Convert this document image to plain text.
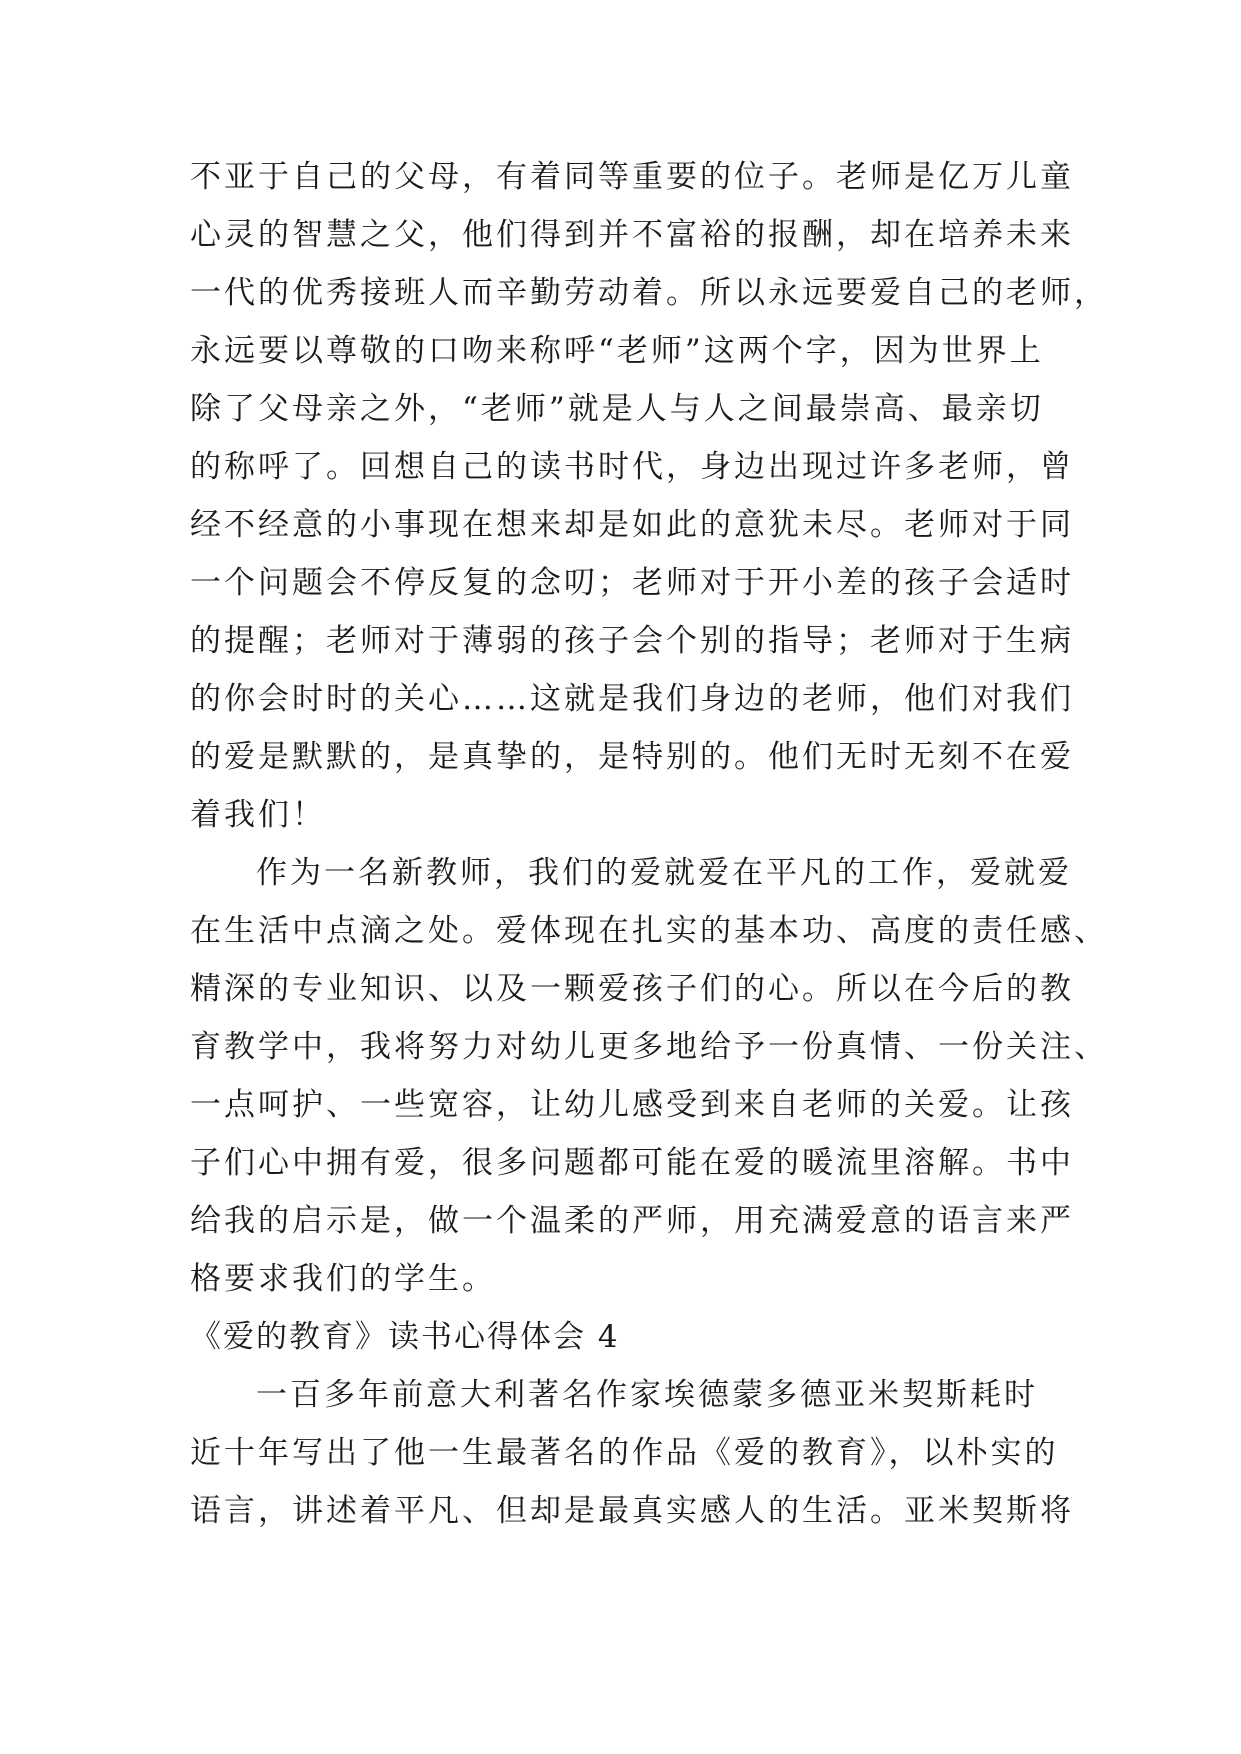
不亚于自己的父母，有着同等重要的位子。老师是亿万儿童
心灵的智慧之父，他们得到并不富裕的报酬，却在培养未来
一代的优秀接班人而辛勤劳动着。所以永远要爱自己的老师，
永远要以尊敬的口吻来称呼“老师”这两个字，因为世界上
除了父母亲之外，“老师”就是人与人之间最崇高、最亲切
的称呼了。回想自己的读书时代，身边出现过许多老师，曾
经不经意的小事现在想来却是如此的意犹未尽。老师对于同
一个问题会不停反复的念叨；老师对于开小差的孩子会适时
的提醒；老师对于薄弱的孩子会个别的指导；老师对于生病
的你会时时的关心……这就是我们身边的老师，他们对我们
的爱是默默的，是真挚的，是特别的。他们无时无刻不在爱
着我们！
作为一名新教师，我们的爱就爱在平凡的工作，爱就爱
在生活中点滴之处。爱体现在扎实的基本功、高度的责任感、
精深的专业知识、以及一颗爱孩子们的心。所以在今后的教
育教学中，我将努力对幼儿更多地给予一份真情、一份关注、
一点呵护、一些宽容，让幼儿感受到来自老师的关爱。让孩
子们心中拥有爱，很多问题都可能在爱的暖流里溶解。书中
给我的启示是，做一个温柔的严师，用充满爱意的语言来严
格要求我们的学生。
《爱的教育》读书心得体会 4
一百多年前意大利著名作家埃德蒙多德亚米契斯耗时
近十年写出了他一生最著名的作品《爱的教育》，以朴实的
语言，讲述着平凡、但却是最真实感人的生活。亚米契斯将
